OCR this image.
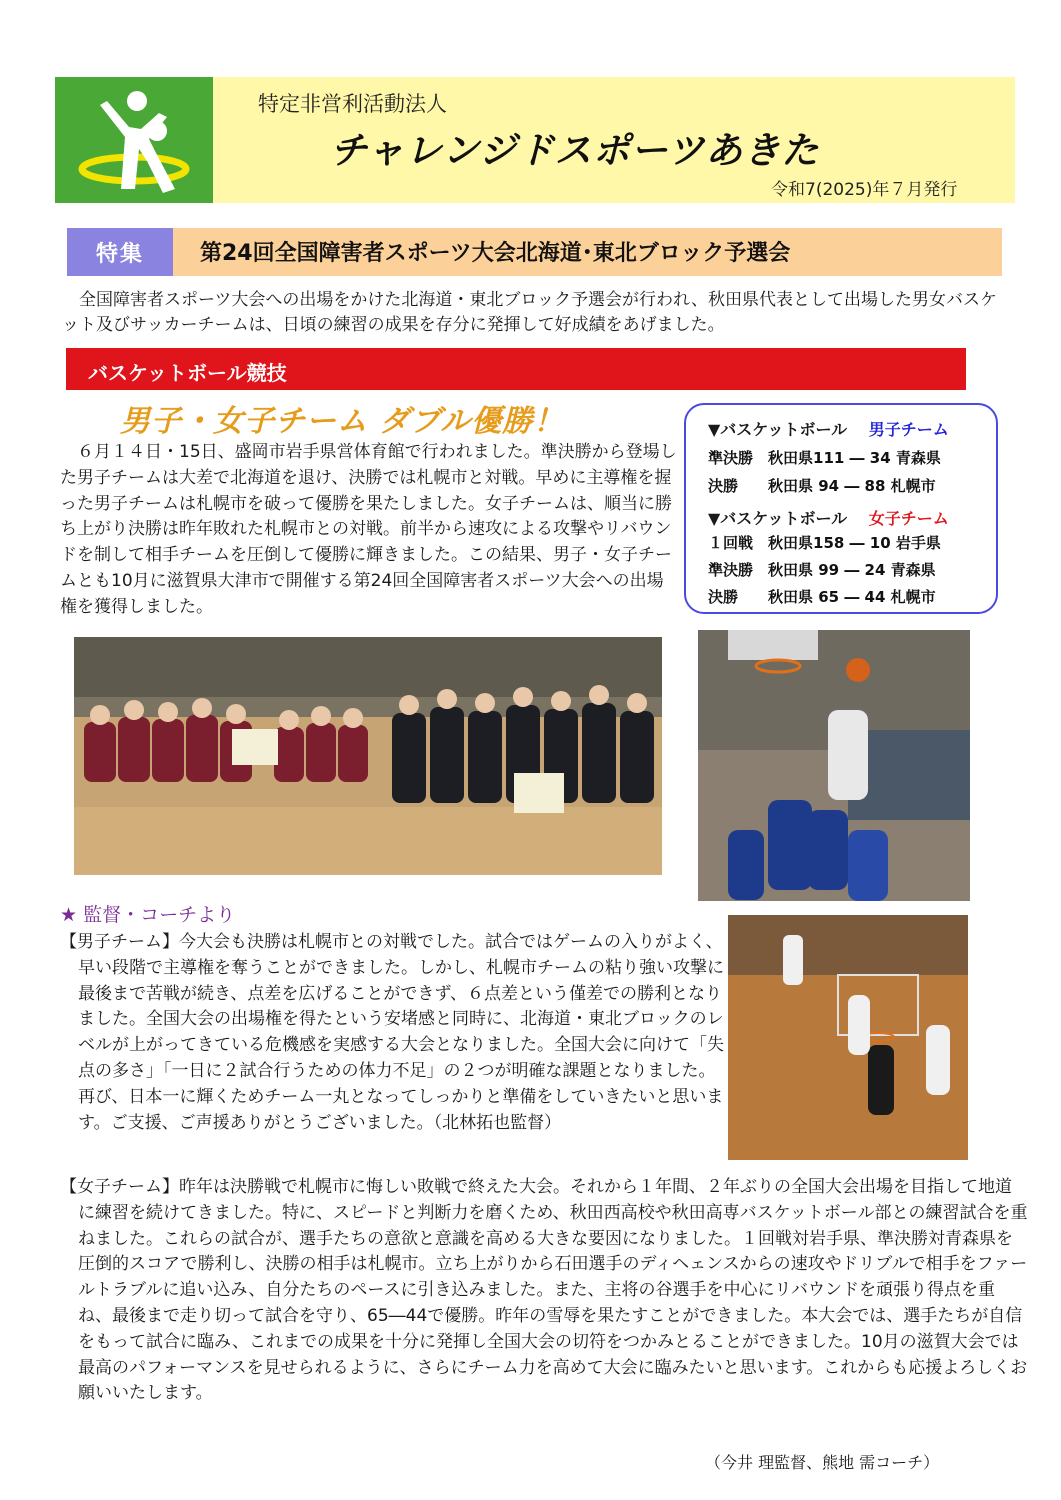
特定非営利活動法人
チャレンジドスポーツあきた
令和7(2025)年７月発行
特集	第24回全国障害者スポーツ大会北海道･東北ブロック予選会
　全国障害者スポーツ大会への出場をかけた北海道・東北ブロック予選会が行われ、秋田県代表として出場した男女バスケット及びサッカーチームは、日頃の練習の成果を存分に発揮して好成績をあげました。
バスケットボール競技
男子・女子チーム ダブル優勝！
　６月１４日・15日、盛岡市岩手県営体育館で行われました。準決勝から登場した男子チームは大差で北海道を退け、決勝では札幌市と対戦。早めに主導権を握った男子チームは札幌市を破って優勝を果たしました。女子チームは、順当に勝ち上がり決勝は昨年敗れた札幌市との対戦。前半から速攻による攻撃やリバウンドを制して相手チームを圧倒して優勝に輝きました。この結果、男子・女子チームとも10月に滋賀県大津市で開催する第24回全国障害者スポーツ大会への出場権を獲得しました。
▼バスケットボール 男子チーム
準決勝　秋田県111 ― 34 青森県
決勝　　秋田県 94 ― 88 札幌市
▼バスケットボール 女子チーム
１回戦　秋田県158 ― 10 岩手県
準決勝　秋田県 99 ― 24 青森県
決勝　　秋田県 65 ― 44 札幌市
★ 監督・コーチより
【男子チーム】今大会も決勝は札幌市との対戦でした。試合ではゲームの入りがよく、早い段階で主導権を奪うことができました。しかし、札幌市チームの粘り強い攻撃に最後まで苦戦が続き、点差を広げることができず、６点差という僅差での勝利となりました。全国大会の出場権を得たという安堵感と同時に、北海道・東北ブロックのレベルが上がってきている危機感を実感する大会となりました。全国大会に向けて「失点の多さ」「一日に２試合行うための体力不足」の２つが明確な課題となりました。再び、日本一に輝くためチーム一丸となってしっかりと準備をしていきたいと思います。ご支援、ご声援ありがとうございました。（北林拓也監督）
【女子チーム】昨年は決勝戦で札幌市に悔しい敗戦で終えた大会。それから１年間、２年ぶりの全国大会出場を目指して地道に練習を続けてきました。特に、スピードと判断力を磨くため、秋田西高校や秋田高専バスケットボール部との練習試合を重ねました。これらの試合が、選手たちの意欲と意識を高める大きな要因になりました。１回戦対岩手県、準決勝対青森県を圧倒的スコアで勝利し、決勝の相手は札幌市。立ち上がりから石田選手のディヘェンスからの速攻やドリブルで相手をファールトラブルに追い込み、自分たちのペースに引き込みました。また、主将の谷選手を中心にリバウンドを頑張り得点を重ね、最後まで走り切って試合を守り、65―44で優勝。昨年の雪辱を果たすことができました。本大会では、選手たちが自信をもって試合に臨み、これまでの成果を十分に発揮し全国大会の切符をつかみとることができました。10月の滋賀大会では最高のパフォーマンスを見せられるように、さらにチーム力を高めて大会に臨みたいと思います。これからも応援よろしくお願いいたします。
（今井 理監督、熊地 需コーチ）
